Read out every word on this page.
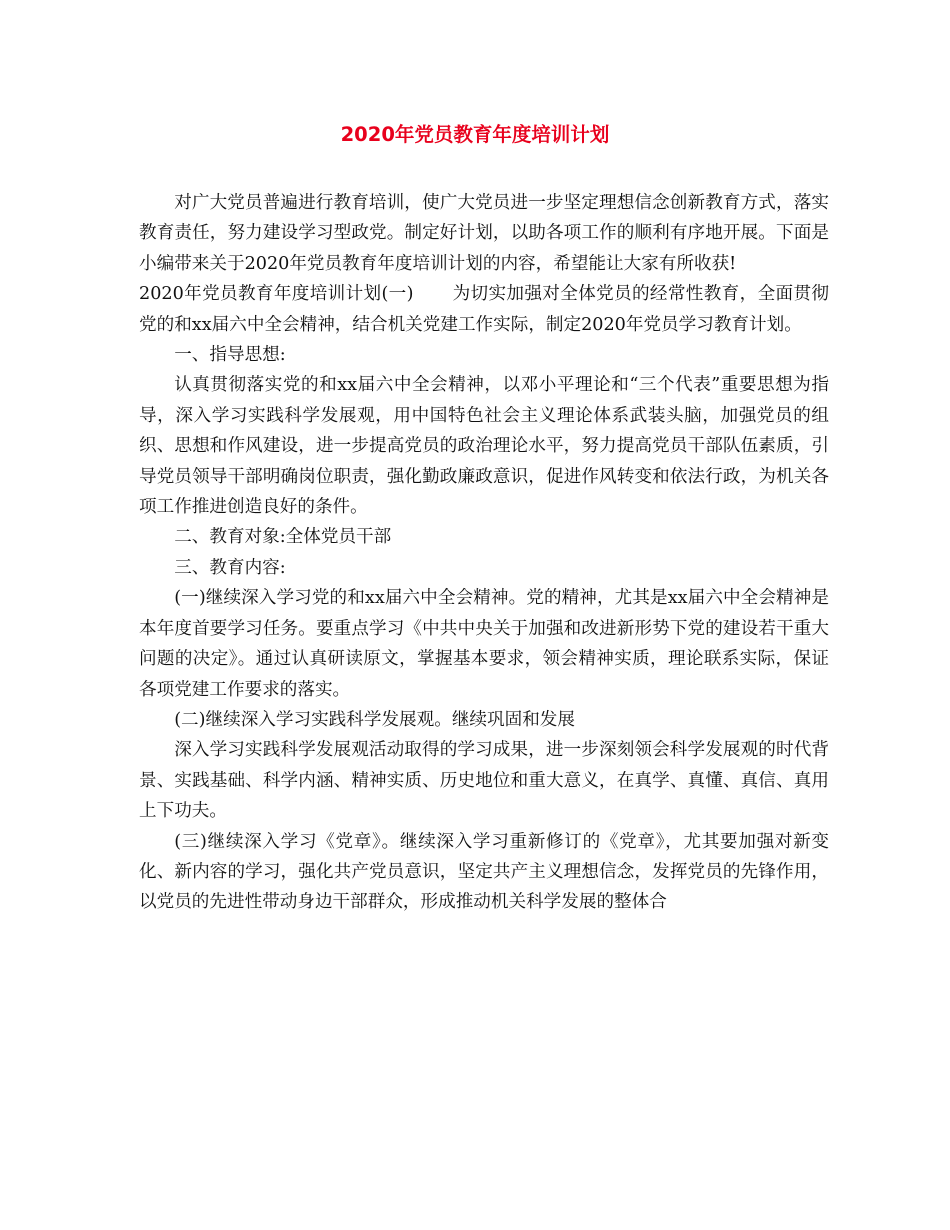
2020年党员教育年度培训计划

对广大党员普遍进行教育培训，使广大党员进一步坚定理想信念创新教育方式，落实教育责任，努力建设学习型政党。制定好计划，以助各项工作的顺利有序地开展。下面是小编带来关于2020年党员教育年度培训计划的内容，希望能让大家有所收获!

2020年党员教育年度培训计划(一) 为切实加强对全体党员的经常性教育，全面贯彻党的和xx届六中全会精神，结合机关党建工作实际，制定2020年党员学习教育计划。

一、指导思想:

认真贯彻落实党的和xx届六中全会精神，以邓小平理论和“三个代表”重要思想为指导，深入学习实践科学发展观，用中国特色社会主义理论体系武装头脑，加强党员的组织、思想和作风建设，进一步提高党员的政治理论水平，努力提高党员干部队伍素质，引导党员领导干部明确岗位职责，强化勤政廉政意识，促进作风转变和依法行政，为机关各项工作推进创造良好的条件。

二、教育对象:全体党员干部

三、教育内容:

(一)继续深入学习党的和xx届六中全会精神。党的精神，尤其是xx届六中全会精神是本年度首要学习任务。要重点学习《中共中央关于加强和改进新形势下党的建设若干重大问题的决定》。通过认真研读原文，掌握基本要求，领会精神实质，理论联系实际，保证各项党建工作要求的落实。

(二)继续深入学习实践科学发展观。继续巩固和发展

深入学习实践科学发展观活动取得的学习成果，进一步深刻领会科学发展观的时代背景、实践基础、科学内涵、精神实质、历史地位和重大意义，在真学、真懂、真信、真用上下功夫。

(三)继续深入学习《党章》。继续深入学习重新修订的《党章》，尤其要加强对新变化、新内容的学习，强化共产党员意识，坚定共产主义理想信念，发挥党员的先锋作用，以党员的先进性带动身边干部群众，形成推动机关科学发展的整体合
